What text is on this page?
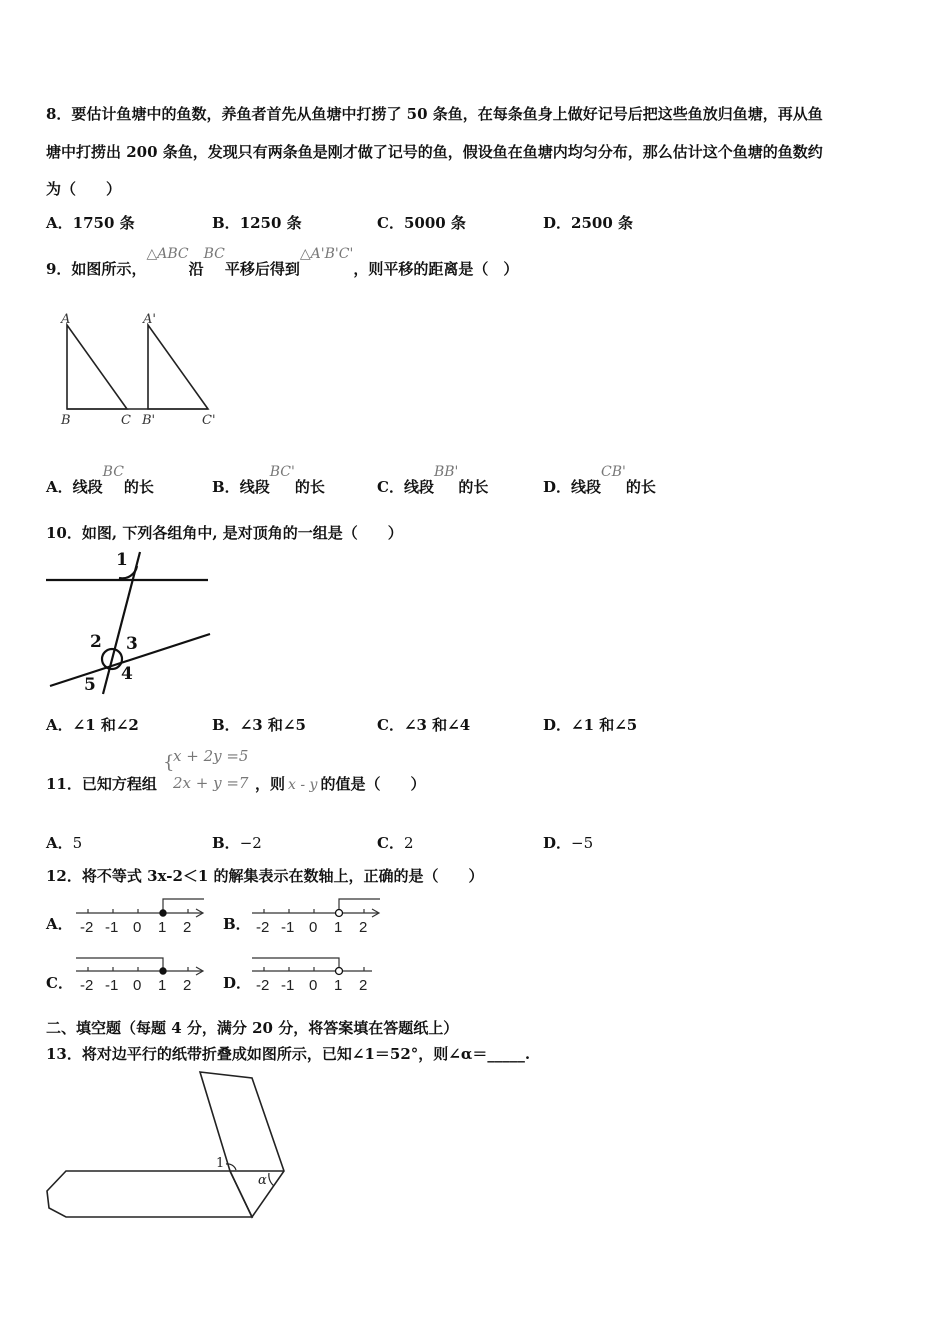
8．要估计鱼塘中的鱼数，养鱼者首先从鱼塘中打捞了 50 条鱼，在每条鱼身上做好记号后把这些鱼放归鱼塘，再从鱼
塘中打捞出 200 条鱼，发现只有两条鱼是刚才做了记号的鱼，假设鱼在鱼塘内均匀分布，那么估计这个鱼塘的鱼数约
为（　　）
A．1750 条	B．1250 条	C．5000 条	D．2500 条
9．如图所示，△ABC沿BC平移后得到△A'B'C'，则平移的距离是（　）
A
B	C
A'
B'	C'
A．线段BC的长	B．线段BC'的长	C．线段BB'的长	D．线段CB'的长
10．如图, 下列各组角中, 是对顶角的一组是（　　）
1
2 3
4
5
A．∠1 和∠2	B．∠3 和∠5	C．∠3 和∠4	D．∠1 和∠5
11．已知方程组
{
x + 2y =5
2x + y =7 ，则 x - y 的值是（　　）
A．5	B．−2	C．2	D．−5
12．将不等式 3x-2＜1 的解集表示在数轴上，正确的是（　　）
A． -2 -1 0 1 2 B． -2 -1 0 1 2
C． -2 -1 0 1 2 D． -2 -1 0 1 2
二、填空题（每题 4 分，满分 20 分，将答案填在答题纸上）
13．将对边平行的纸带折叠成如图所示，已知∠1＝52°，则∠α＝_____.
1
α
